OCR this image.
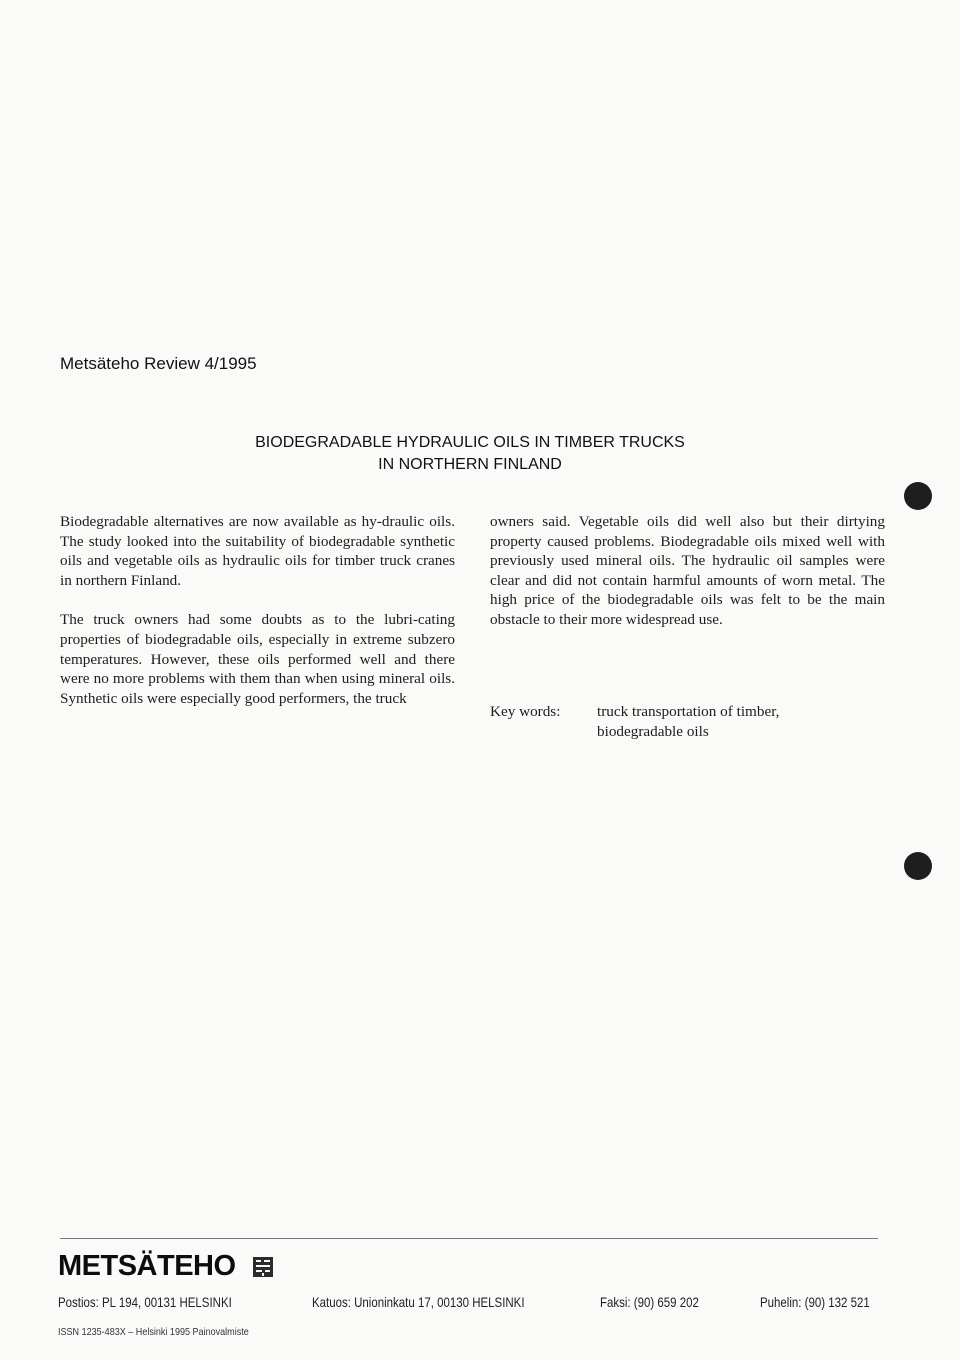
Metsäteho Review 4/1995
BIODEGRADABLE HYDRAULIC OILS IN TIMBER TRUCKS
IN NORTHERN FINLAND

Biodegradable alternatives are now available as hy-draulic oils. The study looked into the suitability of biodegradable synthetic oils and vegetable oils as hydraulic oils for timber truck cranes in northern Finland.

The truck owners had some doubts as to the lubri-cating properties of biodegradable oils, especially in extreme subzero temperatures. However, these oils performed well and there were no more problems with them than when using mineral oils. Synthetic oils were especially good performers, the truck

owners said. Vegetable oils did well also but their dirtying property caused problems. Biodegradable oils mixed well with previously used mineral oils. The hydraulic oil samples were clear and did not contain harmful amounts of worn metal. The high price of the biodegradable oils was felt to be the main obstacle to their more widespread use.

Key words:	truck transportation of timber,
biodegradable oils
METSÄTEHO
Postios: PL 194, 00131 HELSINKI	Katuos: Unioninkatu 17, 00130 HELSINKI	Faksi: (90) 659 202	Puhelin: (90) 132 521
ISSN 1235-483X – Helsinki 1995 Painovalmiste
